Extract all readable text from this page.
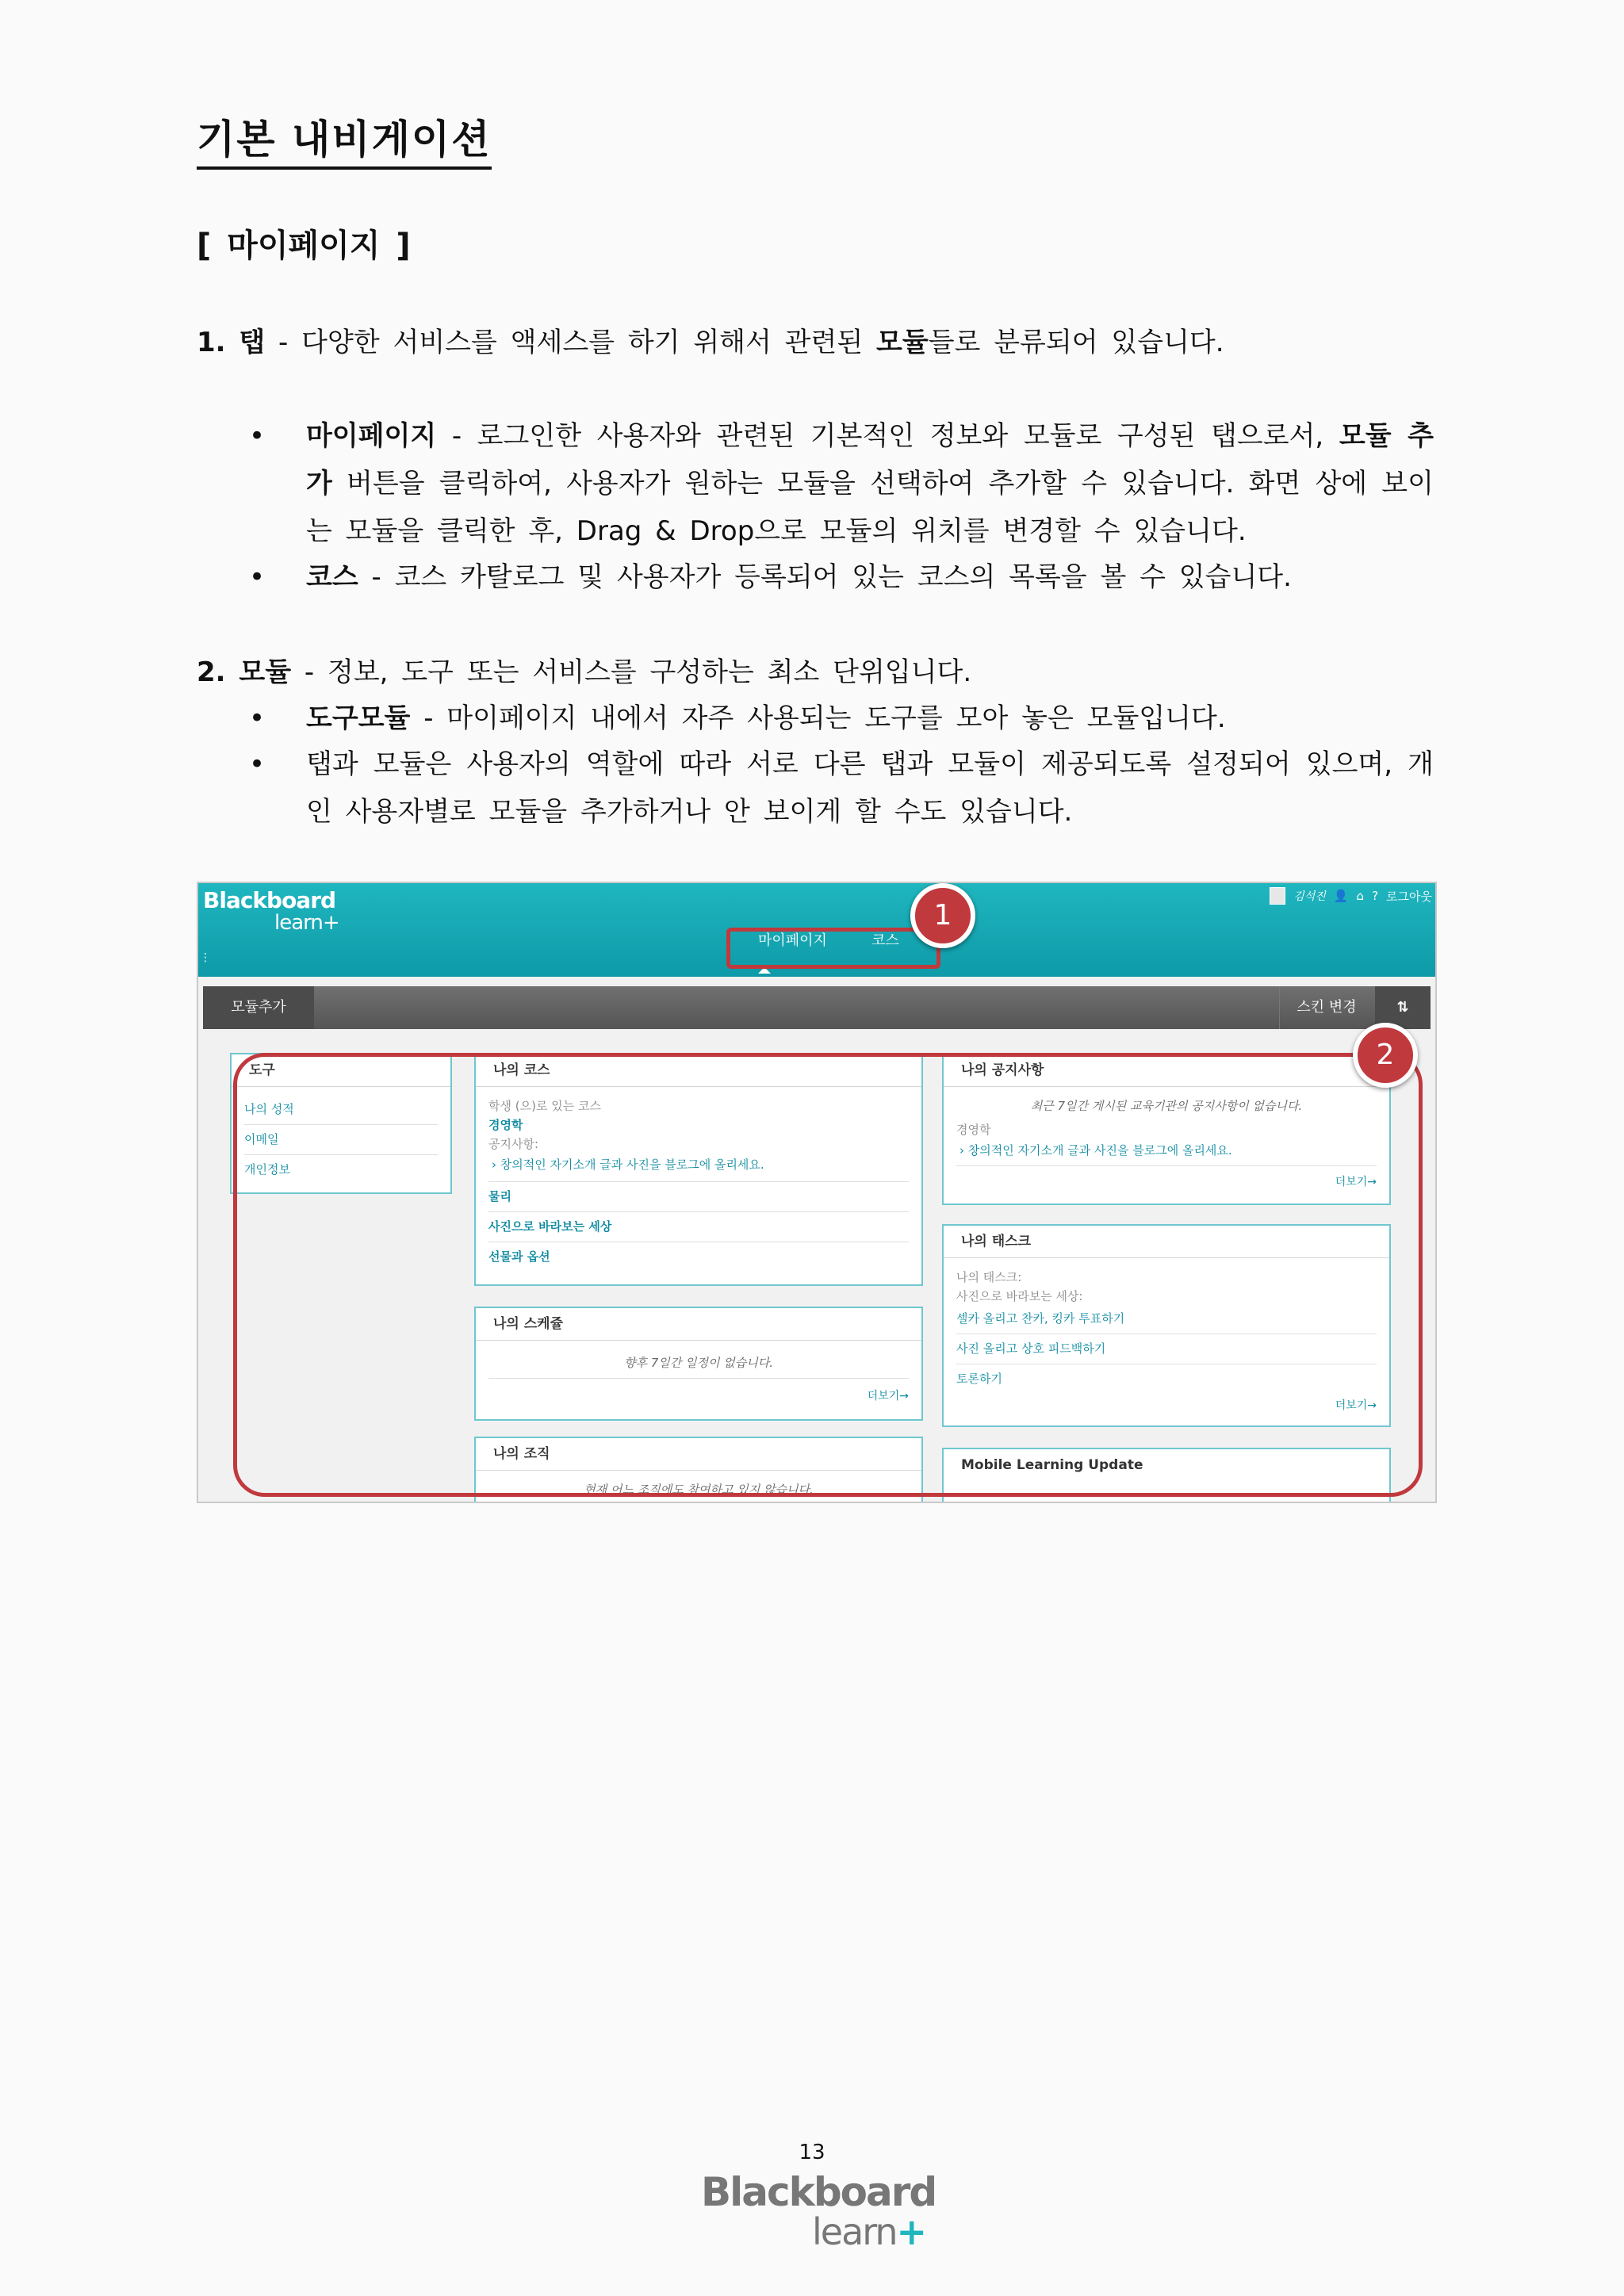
기본 내비게이션
[ 마이페이지 ]
1. 탭 - 다양한 서비스를 액세스를 하기 위해서 관련된 모듈들로 분류되어 있습니다.
• 마이페이지 - 로그인한 사용자와 관련된 기본적인 정보와 모듈로 구성된 탭으로서, 모듈 추가 버튼을 클릭하여, 사용자가 원하는 모듈을 선택하여 추가할 수 있습니다. 화면 상에 보이는 모듈을 클릭한 후, Drag & Drop으로 모듈의 위치를 변경할 수 있습니다.
• 코스 - 코스 카탈로그 및 사용자가 등록되어 있는 코스의 목록을 볼 수 있습니다.
2. 모듈 - 정보, 도구 또는 서비스를 구성하는 최소 단위입니다.
• 도구모듈 - 마이페이지 내에서 자주 사용되는 도구를 모아 놓은 모듈입니다.
• 탭과 모듈은 사용자의 역할에 따라 서로 다른 탭과 모듈이 제공되도록 설정되어 있으며, 개인 사용자별로 모듈을 추가하거나 안 보이게 할 수도 있습니다.
Blackboard
learn+
⋮
김석진 👤 ⌂ ? 로그아웃
마이페이지	코스
1
모듈추가	스킨 변경	⇅
도구
나의 성적
이메일
개인정보
나의 코스
학생 (으)로 있는 코스
경영학
공지사항:
› 창의적인 자기소개 글과 사진을 블로그에 올리세요.
물리
사진으로 바라보는 세상
선물과 옵션
나의 스케쥴
향후 7일간 일정이 없습니다.
더보기→
나의 조직
현재 어느 조직에도 참여하고 있지 않습니다.
나의 공지사항
최근 7일간 게시된 교육기관의 공지사항이 없습니다.
경영학
› 창의적인 자기소개 글과 사진을 블로그에 올리세요.
더보기→
나의 태스크
나의 태스크:
사진으로 바라보는 세상:
셀카 올리고 찬카, 킹카 투표하기
사진 올리고 상호 피드백하기
토론하기
더보기→
Mobile Learning Update
2
13
Blackboard
learn+
